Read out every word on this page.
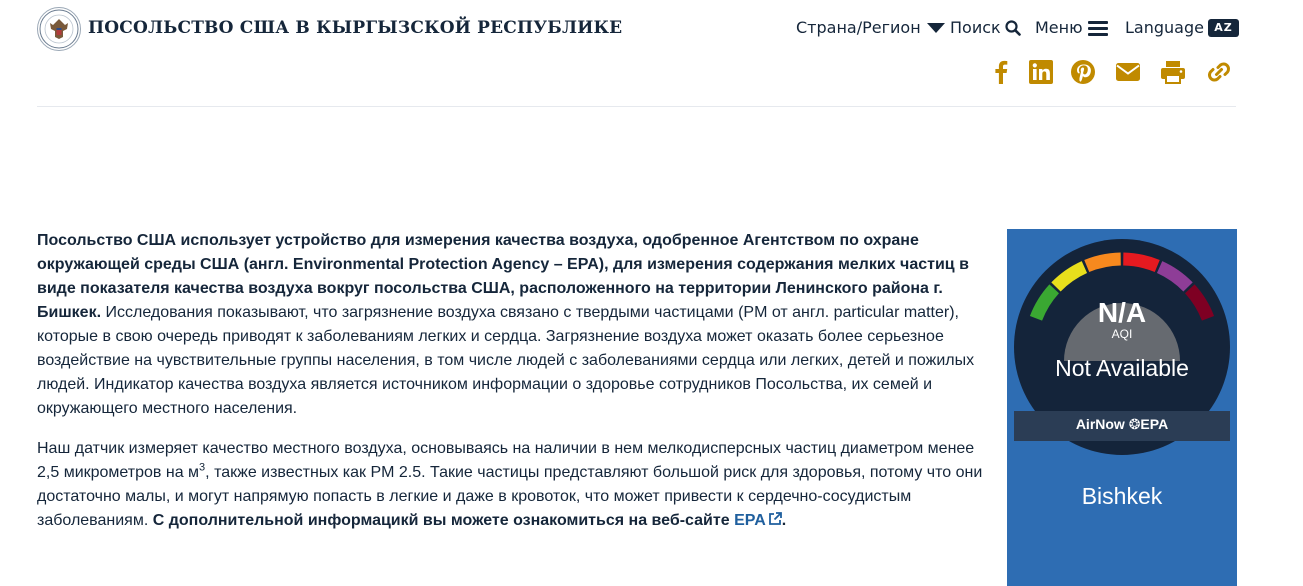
ПОСОЛЬСТВО США В КЫРГЫЗСКОЙ РЕСПУБЛИКЕ	Страна/Регион Поиск Меню	Language AZ

Посольство США использует устройство для измерения качества воздуха, одобренное Агентством по охране окружающей среды США (англ. Environmental Protection Agency – EPA), для измерения содержания мелких частиц в виде показателя качества воздуха вокруг посольства США, расположенного на территории Ленинского района г. Бишкек. Исследования показывают, что загрязнение воздуха связано с твердыми частицами (PM от англ. particular matter), которые в свою очередь приводят к заболеваниям легких и сердца. Загрязнение воздуха может оказать более серьезное воздействие на чувствительные группы населения, в том числе людей с заболеваниями сердца или легких, детей и пожилых людей. Индикатор качества воздуха является источником информации о здоровье сотрудников Посольства, их семей и окружающего местного населения.

Наш датчик измеряет качество местного воздуха, основываясь на наличии в нем мелкодисперсных частиц диаметром менее 2,5 микрометров на $м^3$, также известных как PM 2.5. Такие частицы представляют большой риск для здоровья, потому что они достаточно малы, и могут напрямую попасть в легкие и даже в кровоток, что может привести к сердечно-сосудистым заболеваниям. С дополнительной информацикй вы можете ознакомиться на веб-сайте EPA .

N/A
AQI
Not Available
AirNow ❂EPA
Bishkek
